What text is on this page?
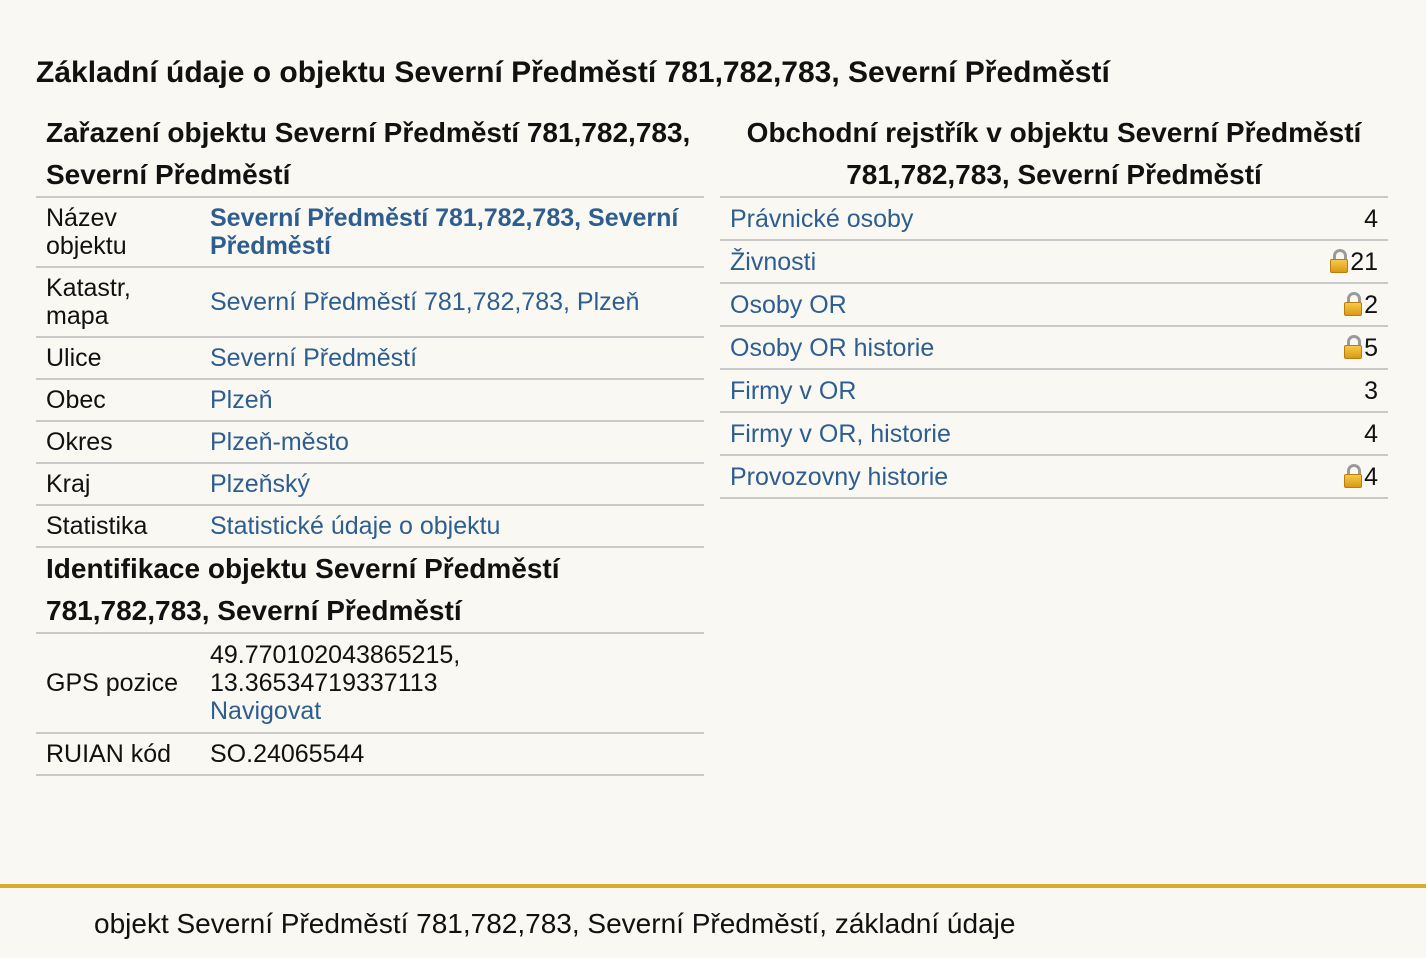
Základní údaje o objektu Severní Předměstí 781,782,783, Severní Předměstí
Zařazení objektu Severní Předměstí 781,782,783, Severní Předměstí
Název objektu	Severní Předměstí 781,782,783, Severní Předměstí
Katastr, mapa	Severní Předměstí 781,782,783, Plzeň
Ulice	Severní Předměstí
Obec	Plzeň
Okres	Plzeň-město
Kraj	Plzeňský
Statistika	Statistické údaje o objektu
Identifikace objektu Severní Předměstí 781,782,783, Severní Předměstí
GPS pozice	49.770102043865215, 13.36534719337113
Navigovat
RUIAN kód	SO.24065544
Obchodní rejstřík v objektu Severní Předměstí 781,782,783, Severní Předměstí
Právnické osoby	4
Živnosti	21
Osoby OR	2
Osoby OR historie	5
Firmy v OR	3
Firmy v OR, historie	4
Provozovny historie	4
objekt Severní Předměstí 781,782,783, Severní Předměstí, základní údaje
